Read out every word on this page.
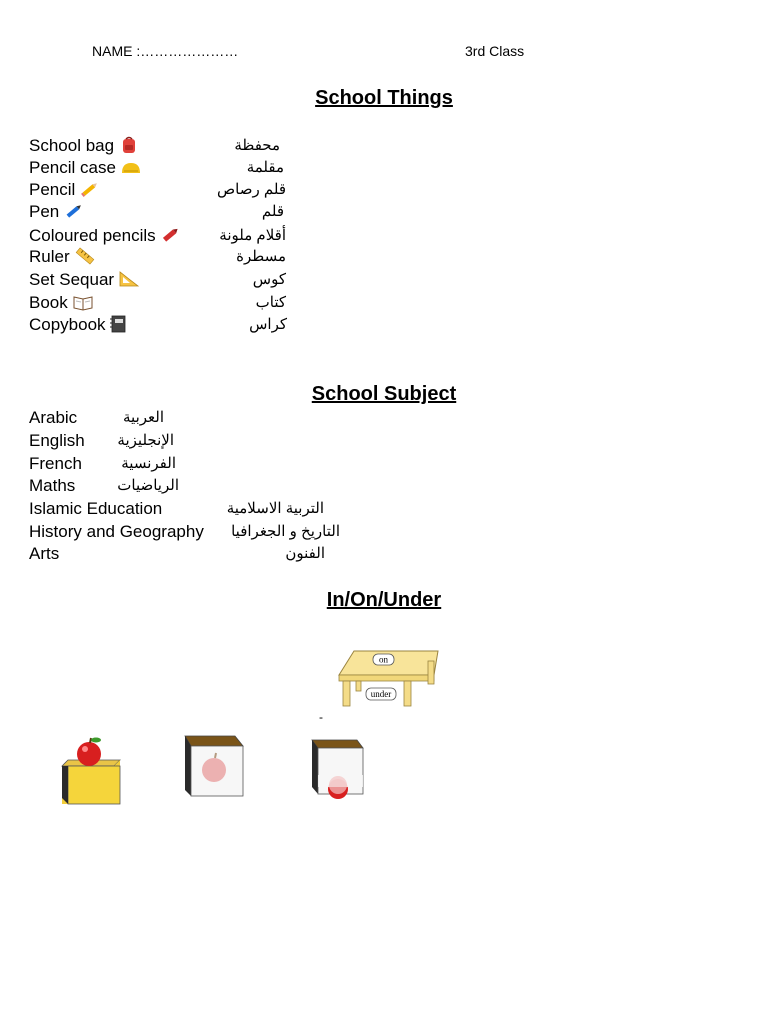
NAME :…………………	3rd Class
School Things
School bag	محفظة
Pencil case	مقلمة
Pencil	قلم رصاص
Pen	قلم
Coloured pencils	أقلام ملونة
Ruler	مسطرة
Set Sequar	كوس
Book	كتاب
Copybook	كراس
School Subject
Arabic	العربية
English الإنجليزية
French	الفرنسية
Maths	الرياضيات
Islamic Education	التربية الاسلامية
History and Geography التاريخ و الجغرافيا
Arts	الفنون
In/On/Under
on
under
-
